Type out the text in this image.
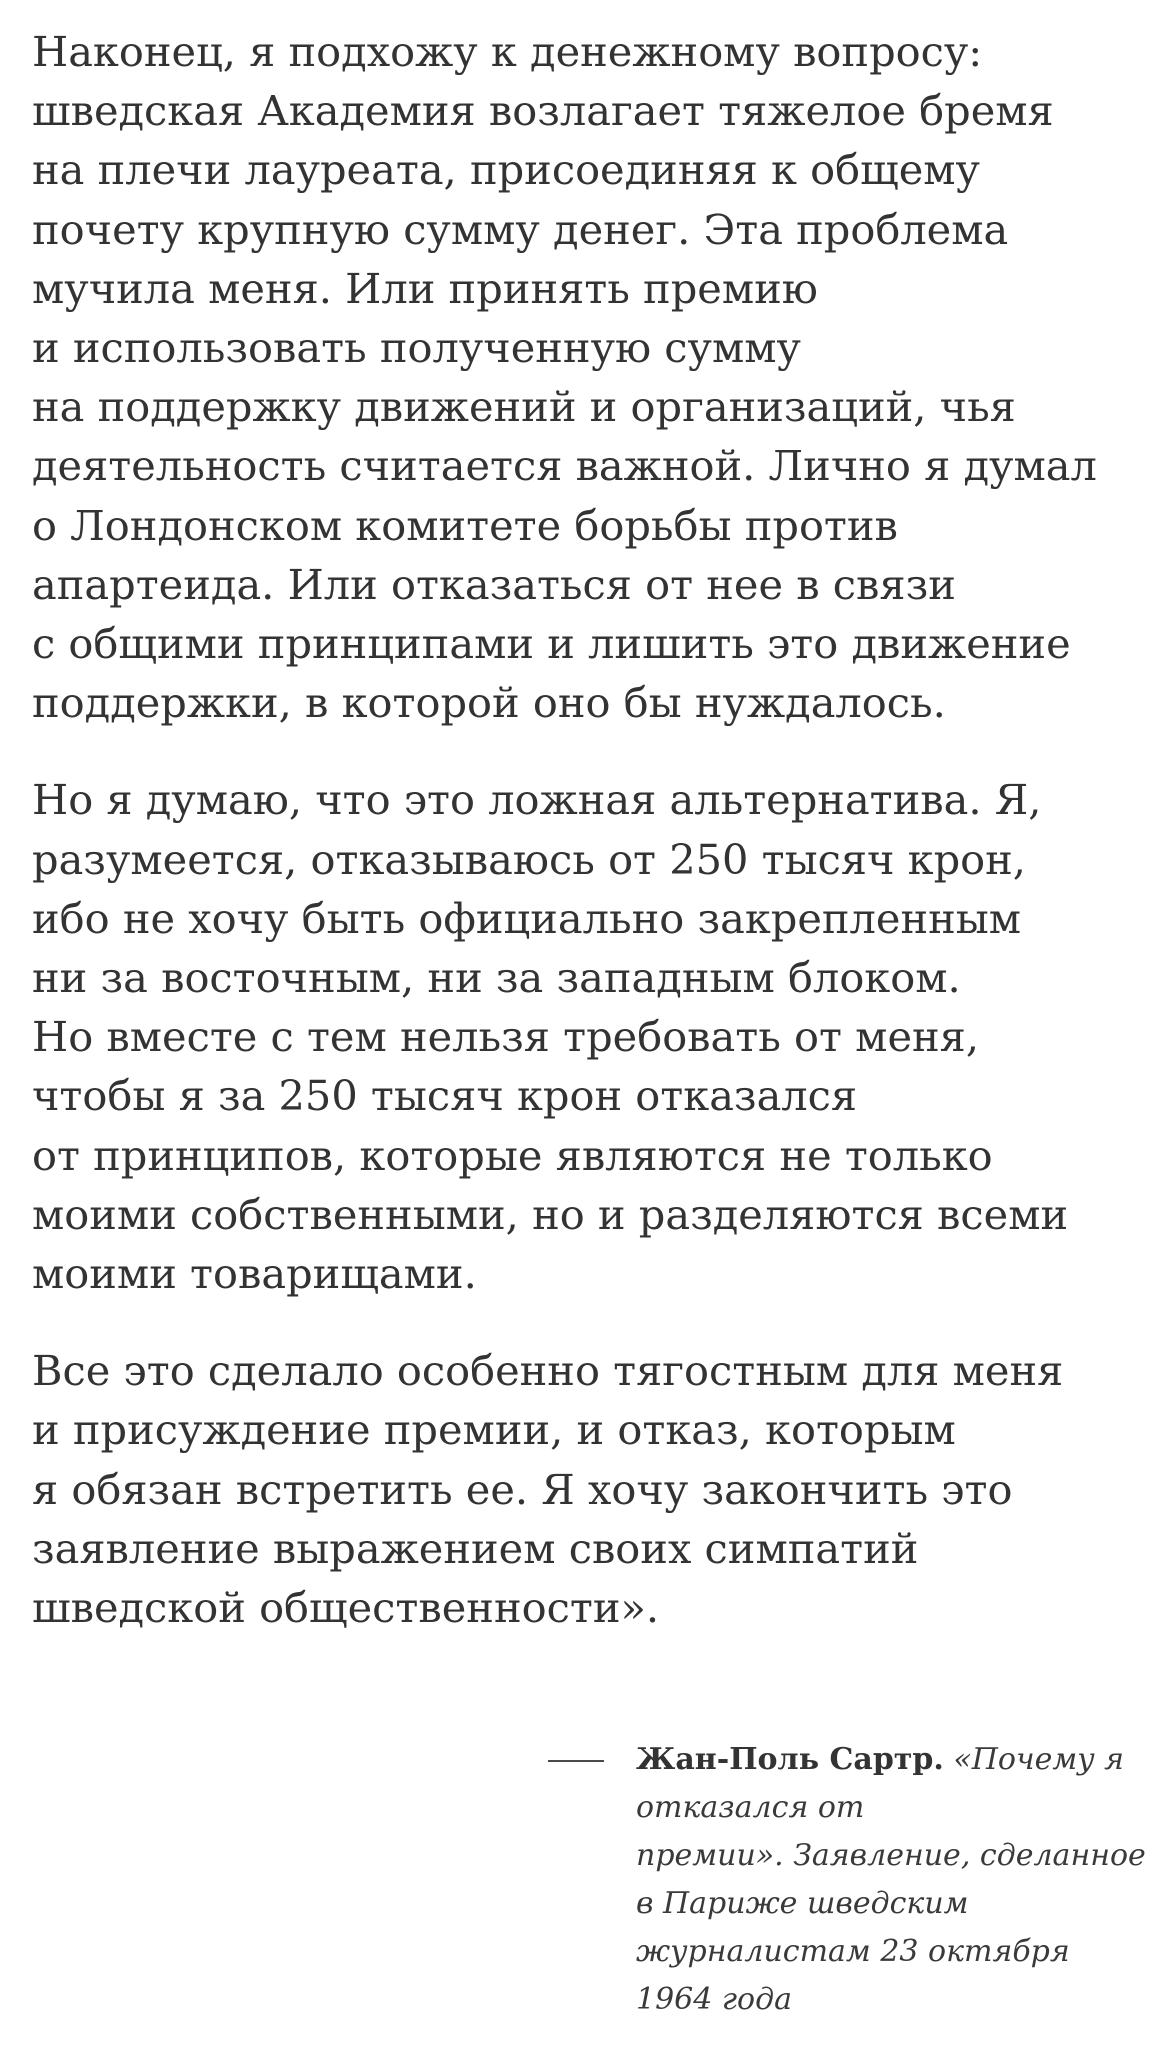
Наконец, я подхожу к денежному вопросу:
шведская Академия возлагает тяжелое бремя
на плечи лауреата, присоединяя к общему
почету крупную сумму денег. Эта проблема
мучила меня. Или принять премию
и использовать полученную сумму
на поддержку движений и организаций, чья
деятельность считается важной. Лично я думал
о Лондонском комитете борьбы против
апартеида. Или отказаться от нее в связи
с общими принципами и лишить это движение
поддержки, в которой оно бы нуждалось.

Но я думаю, что это ложная альтернатива. Я,
разумеется, отказываюсь от 250 тысяч крон,
ибо не хочу быть официально закрепленным
ни за восточным, ни за западным блоком.
Но вместе с тем нельзя требовать от меня,
чтобы я за 250 тысяч крон отказался
от принципов, которые являются не только
моими собственными, но и разделяются всеми
моими товарищами.

Все это сделало особенно тягостным для меня
и присуждение премии, и отказ, которым
я обязан встретить ее. Я хочу закончить это
заявление выражением своих симпатий
шведской общественности».

Жан-Поль Сартр. «Почему я
отказался от
премии». Заявление, сделанное
в Париже шведским
журналистам 23 октября
1964 года
